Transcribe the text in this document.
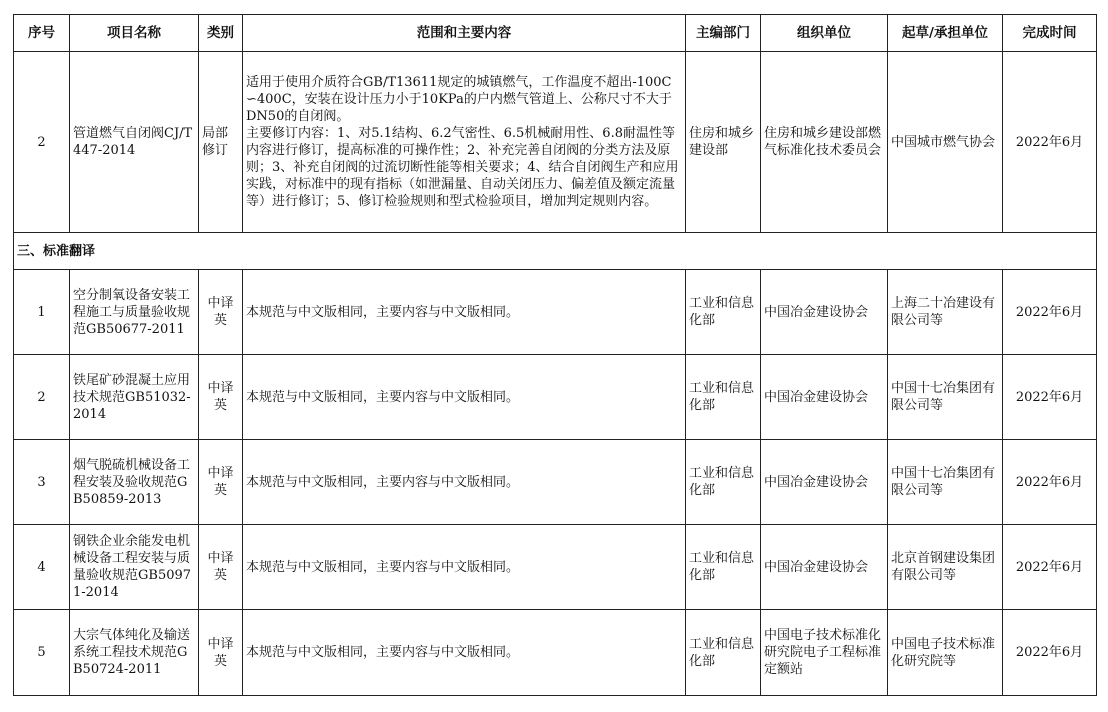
序号	项目名称	类别	范围和主要内容	主编部门	组织单位	起草/承担单位	完成时间
2	管道燃气自闭阀CJ/T447-2014	局部修订	适用于使用介质符合GB/T13611规定的城镇燃气，工作温度不超出-100C∽400C，安装在设计压力小于10KPa的户内燃气管道上、公称尺寸不大于DN50的自闭阀。
主要修订内容：1、对5.1结构、6.2气密性、6.5机械耐用性、6.8耐温性等内容进行修订，提高标准的可操作性；2、补充完善自闭阀的分类方法及原则；3、补充自闭阀的过流切断性能等相关要求；4、结合自闭阀生产和应用实践，对标准中的现有指标（如泄漏量、自动关闭压力、偏差值及额定流量等）进行修订；5、修订检验规则和型式检验项目，增加判定规则内容。	住房和城乡建设部	住房和城乡建设部燃气标准化技术委员会	中国城市燃气协会	2022年6月
三、标准翻译							
1	空分制氧设备安装工程施工与质量验收规范GB50677-2011	中译英	本规范与中文版相同，主要内容与中文版相同。	工业和信息化部	中国冶金建设协会	上海二十冶建设有限公司等	2022年6月
2	铁尾矿砂混凝土应用技术规范GB51032-2014	中译英	本规范与中文版相同，主要内容与中文版相同。	工业和信息化部	中国冶金建设协会	中国十七冶集团有限公司等	2022年6月
3	烟气脱硫机械设备工程安装及验收规范GB50859-2013	中译英	本规范与中文版相同，主要内容与中文版相同。	工业和信息化部	中国冶金建设协会	中国十七冶集团有限公司等	2022年6月
4	钢铁企业余能发电机械设备工程安装与质量验收规范GB50971-2014	中译英	本规范与中文版相同，主要内容与中文版相同。	工业和信息化部	中国冶金建设协会	北京首钢建设集团有限公司等	2022年6月
5	大宗气体纯化及输送系统工程技术规范GB50724-2011	中译英	本规范与中文版相同，主要内容与中文版相同。	工业和信息化部	中国电子技术标准化研究院电子工程标准定额站	中国电子技术标准化研究院等	2022年6月
